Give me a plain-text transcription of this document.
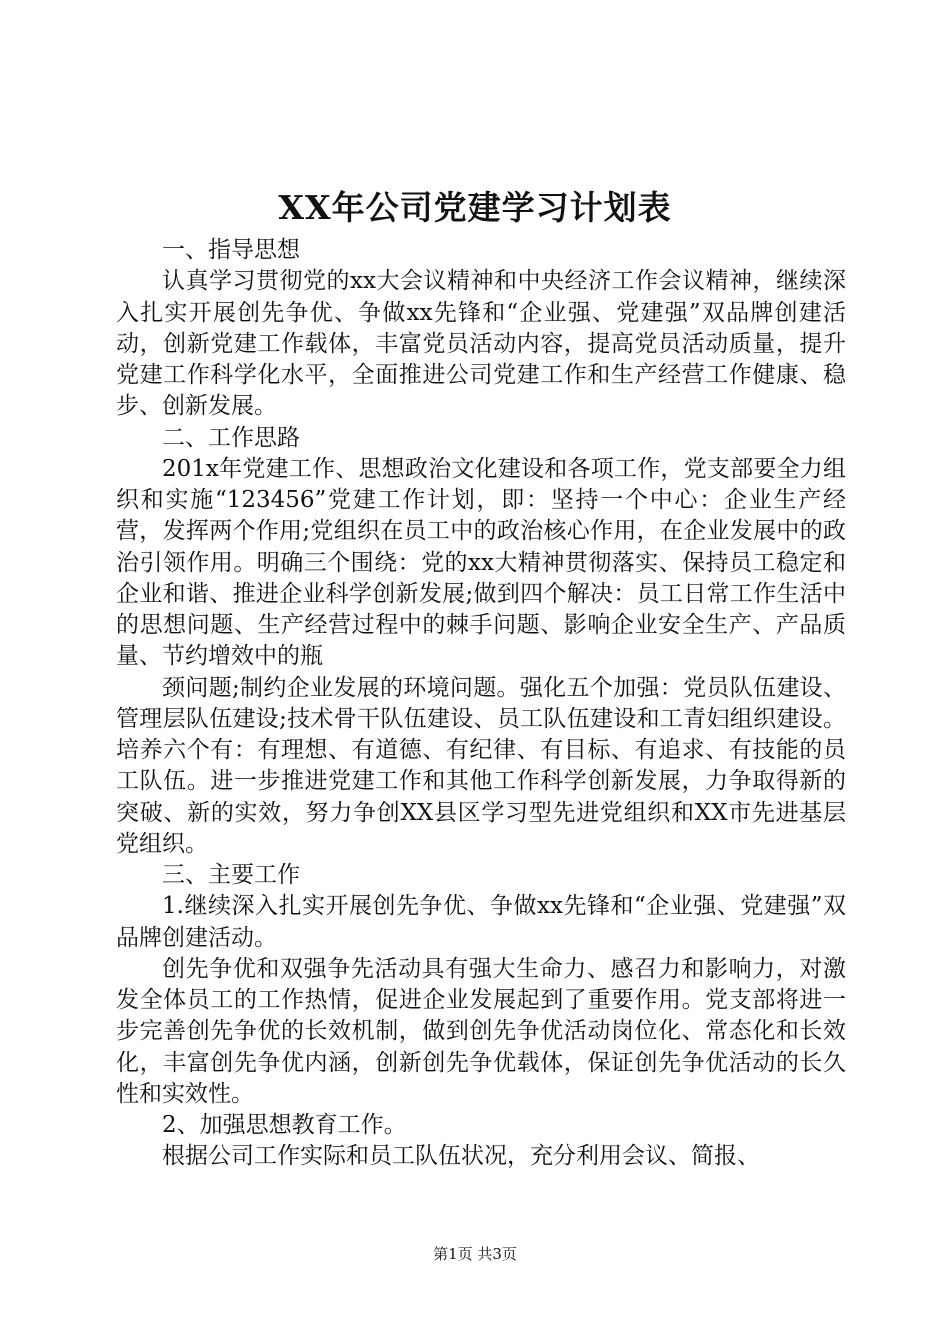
XX年公司党建学习计划表

一、指导思想

认真学习贯彻党的xx大会议精神和中央经济工作会议精神，继续深入扎实开展创先争优、争做xx先锋和“企业强、党建强”双品牌创建活动，创新党建工作载体，丰富党员活动内容，提高党员活动质量，提升党建工作科学化水平，全面推进公司党建工作和生产经营工作健康、稳步、创新发展。

二、工作思路

201x年党建工作、思想政治文化建设和各项工作，党支部要全力组织和实施“123456”党建工作计划，即：坚持一个中心：企业生产经营，发挥两个作用;党组织在员工中的政治核心作用，在企业发展中的政治引领作用。明确三个围绕：党的xx大精神贯彻落实、保持员工稳定和企业和谐、推进企业科学创新发展;做到四个解决：员工日常工作生活中的思想问题、生产经营过程中的棘手问题、影响企业安全生产、产品质量、节约增效中的瓶

颈问题;制约企业发展的环境问题。强化五个加强：党员队伍建设、管理层队伍建设;技术骨干队伍建设、员工队伍建设和工青妇组织建设。培养六个有：有理想、有道德、有纪律、有目标、有追求、有技能的员工队伍。进一步推进党建工作和其他工作科学创新发展，力争取得新的突破、新的实效，努力争创XX县区学习型先进党组织和XX市先进基层党组织。

三、主要工作

1.继续深入扎实开展创先争优、争做xx先锋和“企业强、党建强”双品牌创建活动。

创先争优和双强争先活动具有强大生命力、感召力和影响力，对激发全体员工的工作热情，促进企业发展起到了重要作用。党支部将进一步完善创先争优的长效机制，做到创先争优活动岗位化、常态化和长效化，丰富创先争优内涵，创新创先争优载体，保证创先争优活动的长久性和实效性。

2、加强思想教育工作。

根据公司工作实际和员工队伍状况，充分利用会议、简报、

第1页 共3页
